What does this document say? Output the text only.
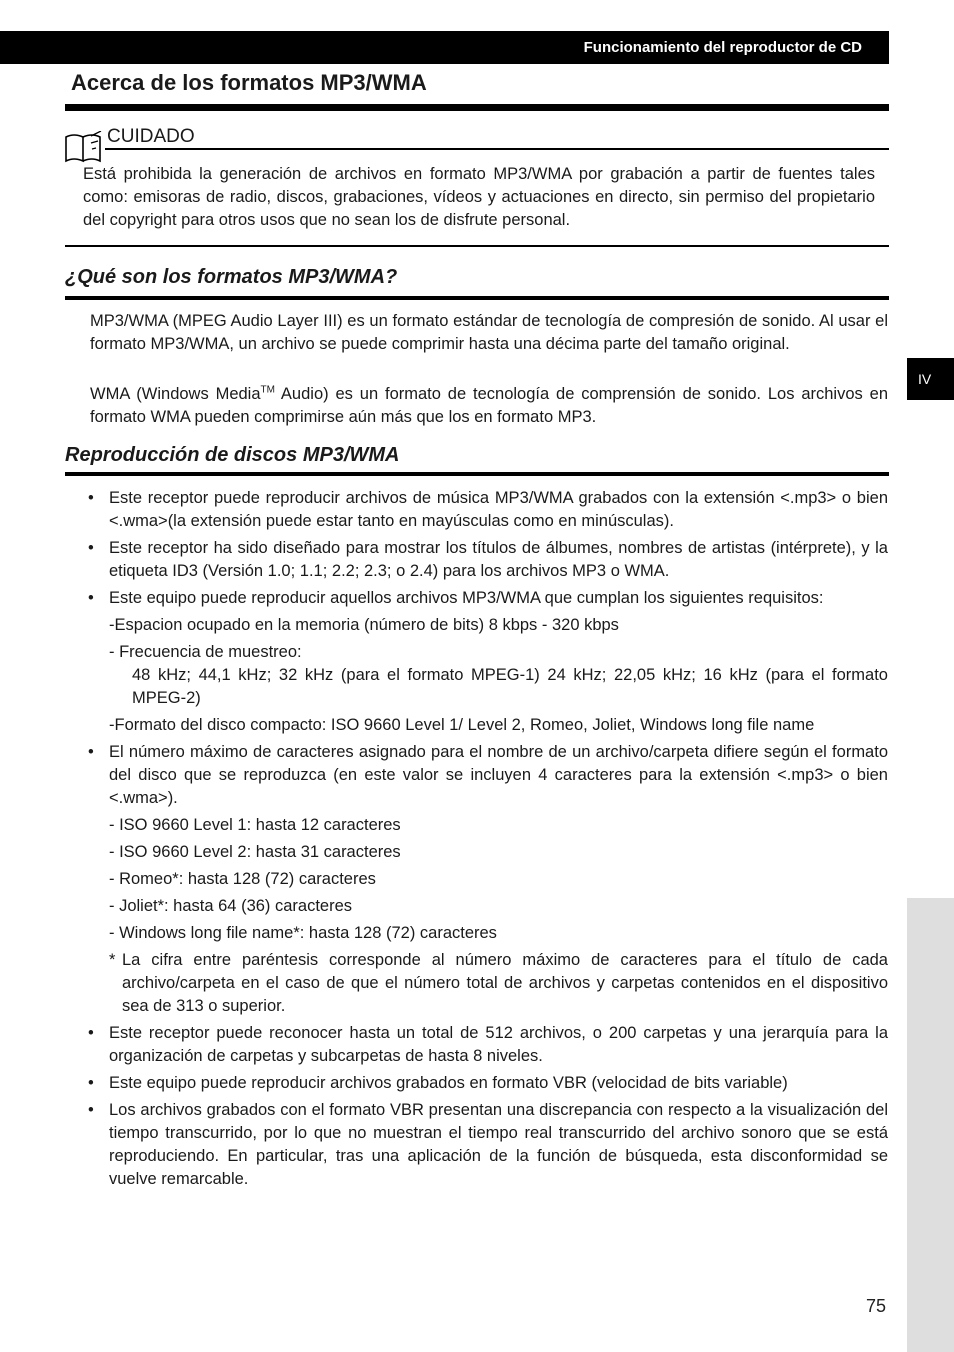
Funcionamiento del reproductor de CD
Acerca de los formatos MP3/WMA
CUIDADO

Está prohibida la generación de archivos en formato MP3/WMA por grabación a partir de fuentes tales como: emisoras de radio, discos, grabaciones, vídeos y actuaciones en directo, sin permiso del propietario del copyright para otros usos que no sean los de disfrute personal.

¿Qué son los formatos MP3/WMA?

MP3/WMA (MPEG Audio Layer III) es un formato estándar de tecnología de compresión de sonido. Al usar el formato MP3/WMA, un archivo se puede comprimir hasta una décima parte del tamaño original.

WMA (Windows Media™ Audio) es un formato de tecnología de comprensión de sonido. Los archivos en formato WMA pueden comprimirse aún más que los en formato MP3.

Reproducción de discos MP3/WMA
• Este receptor puede reproducir archivos de música MP3/WMA grabados con la extensión <.mp3> o bien <.wma>(la extensión puede estar tanto en mayúsculas como en minúsculas).
• Este receptor ha sido diseñado para mostrar los títulos de álbumes, nombres de artistas (intérprete), y la etiqueta ID3 (Versión 1.0; 1.1; 2.2; 2.3; o 2.4) para los archivos MP3 o WMA.
• Este equipo puede reproducir aquellos archivos MP3/WMA que cumplan los siguientes requisitos:
-Espacion ocupado en la memoria (número de bits) 8 kbps - 320 kbps
- Frecuencia de muestreo:
48 kHz; 44,1 kHz; 32 kHz (para el formato MPEG-1) 24 kHz; 22,05 kHz; 16 kHz (para el formato MPEG-2)
-Formato del disco compacto: ISO 9660 Level 1/ Level 2, Romeo, Joliet, Windows long file name
• El número máximo de caracteres asignado para el nombre de un archivo/carpeta difiere según el formato del disco que se reproduzca (en este valor se incluyen 4 caracteres para la extensión <.mp3> o bien <.wma>).
- ISO 9660 Level 1: hasta 12 caracteres
- ISO 9660 Level 2: hasta 31 caracteres
- Romeo*: hasta 128 (72) caracteres
- Joliet*: hasta 64 (36) caracteres
- Windows long file name*: hasta 128 (72) caracteres
* La cifra entre paréntesis corresponde al número máximo de caracteres para el título de cada archivo/carpeta en el caso de que el número total de archivos y carpetas contenidos en el dispositivo sea de 313 o superior.
• Este receptor puede reconocer hasta un total de 512 archivos, o 200 carpetas y una jerarquía para la organización de carpetas y subcarpetas de hasta 8 niveles.
• Este equipo puede reproducir archivos grabados en formato VBR (velocidad de bits variable)
• Los archivos grabados con el formato VBR presentan una discrepancia con respecto a la visualización del tiempo transcurrido, por lo que no muestran el tiempo real transcurrido del archivo sonoro que se está reproduciendo. En particular, tras una aplicación de la función de búsqueda, esta disconformidad se vuelve remarcable.
IV
75
